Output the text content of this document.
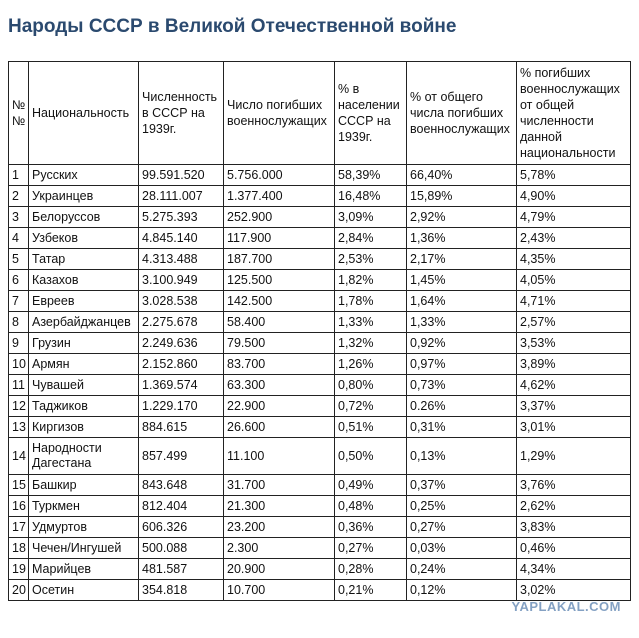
Народы СССР в Великой Отечественной войне
№ №	Национальность	Численность в СССР на 1939г.	Число погибших военнослужащих	% в населении СССР на 1939г.	% от общего числа погибших военнослужащих	% погибших военнослужащих от общей численности данной национальности
1	Русских	99.591.520	5.756.000	58,39%	66,40%	5,78%
2	Украинцев	28.111.007	1.377.400	16,48%	15,89%	4,90%
3	Белоруссов	5.275.393	252.900	3,09%	2,92%	4,79%
4	Узбеков	4.845.140	117.900	2,84%	1,36%	2,43%
5	Татар	4.313.488	187.700	2,53%	2,17%	4,35%
6	Казахов	3.100.949	125.500	1,82%	1,45%	4,05%
7	Евреев	3.028.538	142.500	1,78%	1,64%	4,71%
8	Азербайджанцев	2.275.678	58.400	1,33%	1,33%	2,57%
9	Грузин	2.249.636	79.500	1,32%	0,92%	3,53%
10	Армян	2.152.860	83.700	1,26%	0,97%	3,89%
11	Чувашей	1.369.574	63.300	0,80%	0,73%	4,62%
12	Таджиков	1.229.170	22.900	0,72%	0.26%	3,37%
13	Киргизов	884.615	26.600	0,51%	0,31%	3,01%
14	Народности Дагестана	857.499	11.100	0,50%	0,13%	1,29%
15	Башкир	843.648	31.700	0,49%	0,37%	3,76%
16	Туркмен	812.404	21.300	0,48%	0,25%	2,62%
17	Удмуртов	606.326	23.200	0,36%	0,27%	3,83%
18	Чечен/Ингушей	500.088	2.300	0,27%	0,03%	0,46%
19	Марийцев	481.587	20.900	0,28%	0,24%	4,34%
20	Осетин	354.818	10.700	0,21%	0,12%	3,02%
YAPLAKAL.COM
